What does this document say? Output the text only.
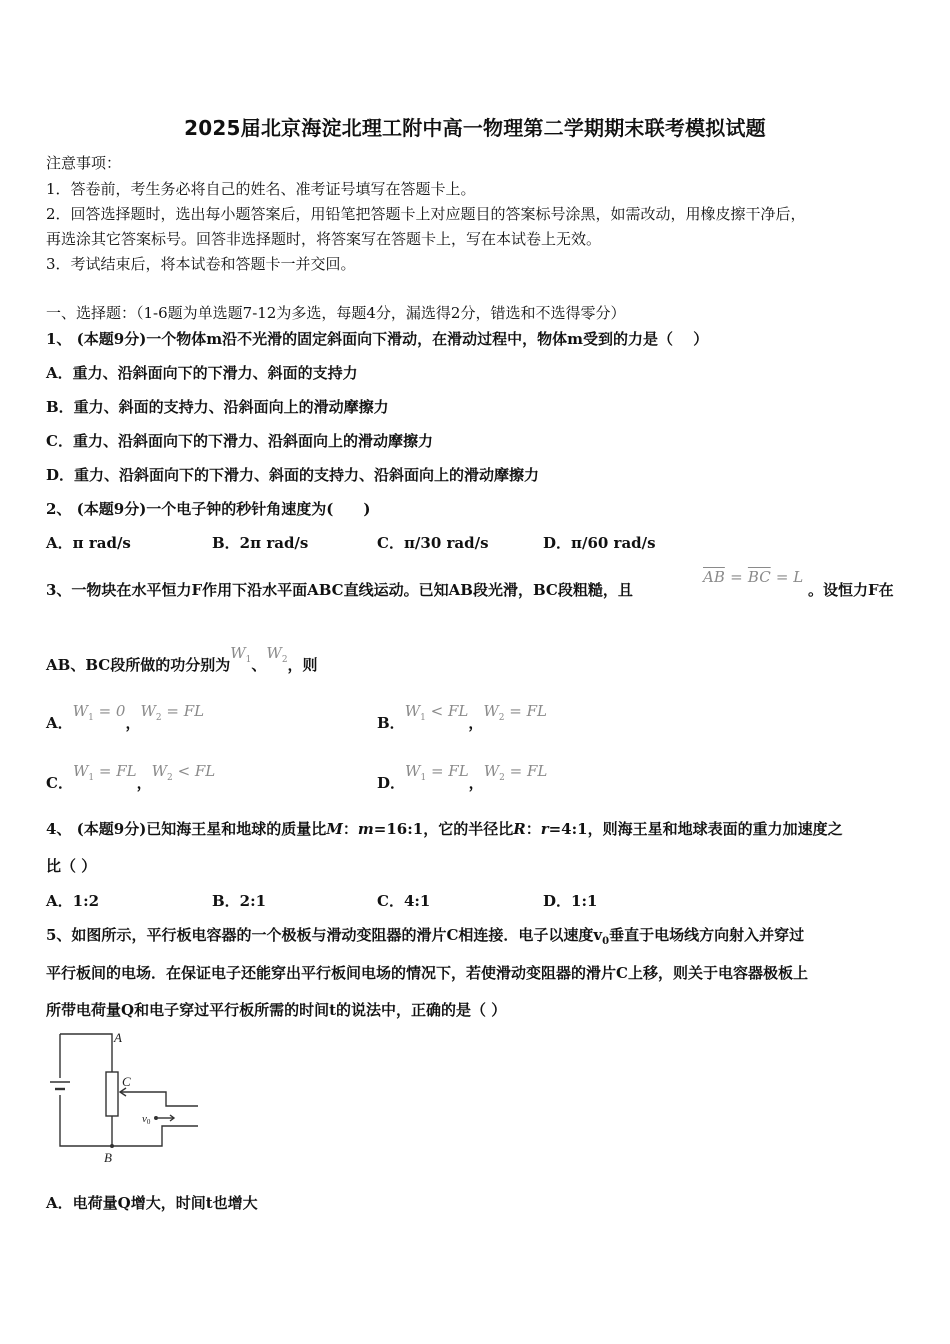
2025届北京海淀北理工附中高一物理第二学期期末联考模拟试题
注意事项：
1．答卷前，考生务必将自己的姓名、准考证号填写在答题卡上。
2．回答选择题时，选出每小题答案后，用铅笔把答题卡上对应题目的答案标号涂黑，如需改动，用橡皮擦干净后，
再选涂其它答案标号。回答非选择题时，将答案写在答题卡上，写在本试卷上无效。
3．考试结束后，将本试卷和答题卡一并交回。
一、选择题：（1-6题为单选题7-12为多选，每题4分，漏选得2分，错选和不选得零分）
1、 (本题9分)一个物体m沿不光滑的固定斜面向下滑动，在滑动过程中，物体m受到的力是（　 ）
A．重力、沿斜面向下的下滑力、斜面的支持力
B．重力、斜面的支持力、沿斜面向上的滑动摩擦力
C．重力、沿斜面向下的下滑力、沿斜面向上的滑动摩擦力
D．重力、沿斜面向下的下滑力、斜面的支持力、沿斜面向上的滑动摩擦力
2、 (本题9分)一个电子钟的秒针角速度为(　　)
A．π rad/s	B．2π rad/s	C．π/30 rad/s	D．π/60 rad/s
3、一物块在水平恒力F作用下沿水平面ABC直线运动。已知AB段光滑，BC段粗糙，且
$\overline{AB} = \overline{BC} = L$
。设恒力F在
AB、BC段所做的功分别为$W_1$、$W_2$，则
A．$W_1 = 0$，$W_2$ = FL
B．$W_1$ < FL，$W_2$ = FL
C．$W_1$ = FL，$W_2$ < FL
D．$W_1$ = FL，$W_2$ = FL
4、 (本题9分)已知海王星和地球的质量比M：m=16:1，它的半径比R：r=4:1，则海王星和地球表面的重力加速度之
比（ ）
A．1:2	B．2:1	C．4:1	D．1:1
5、如图所示，平行板电容器的一个极板与滑动变阻器的滑片C相连接．电子以速度$v_0$垂直于电场线方向射入并穿过
平行板间的电场．在保证电子还能穿出平行板间电场的情况下，若使滑动变阻器的滑片C上移，则关于电容器极板上
所带电荷量Q和电子穿过平行板所需的时间t的说法中，正确的是（ ）
A
C
B
v0
A．电荷量Q增大，时间t也增大
